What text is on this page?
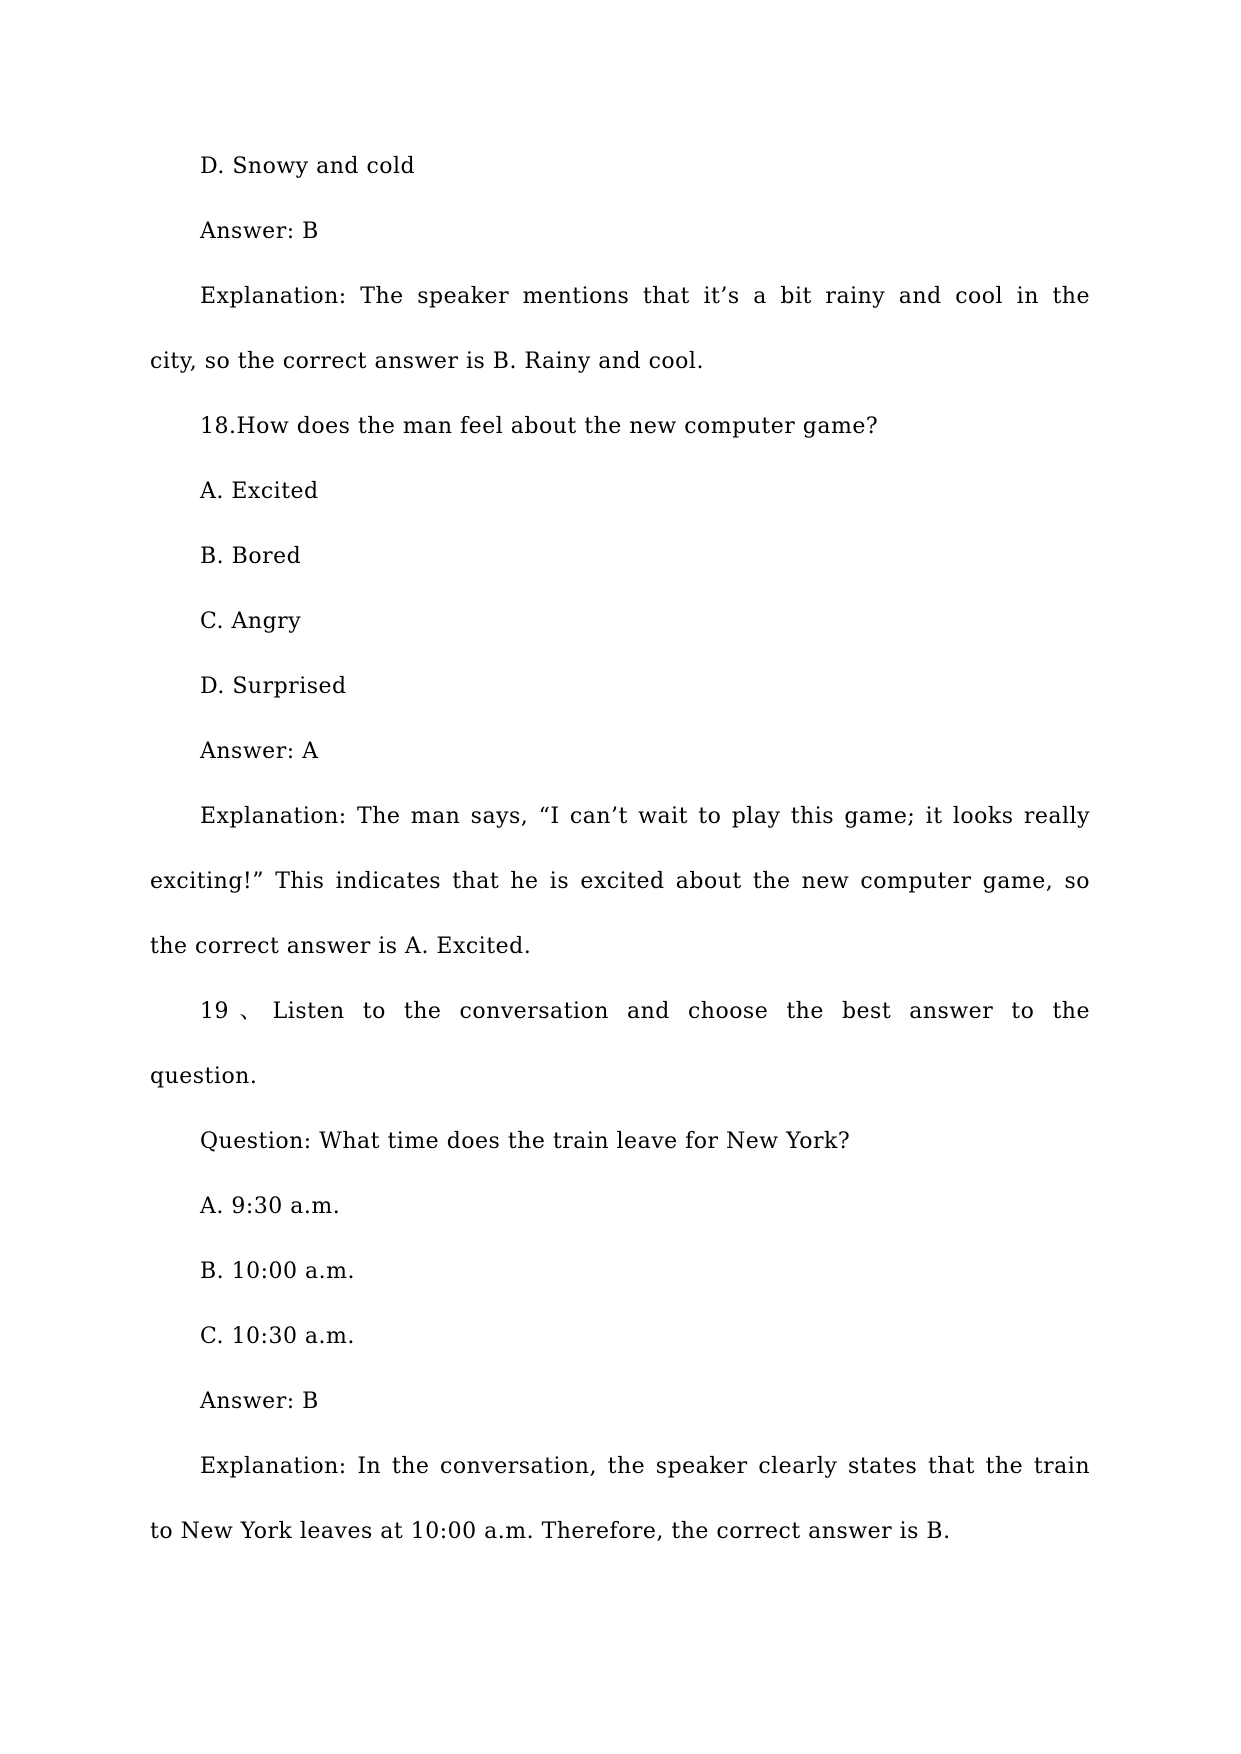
D. Snowy and cold
Answer: B
Explanation: The speaker mentions that it’s a bit rainy and cool in the
city, so the correct answer is B. Rainy and cool.
18.How does the man feel about the new computer game?
A. Excited
B. Bored
C. Angry
D. Surprised
Answer: A
Explanation: The man says, “I can’t wait to play this game; it looks really
exciting!” This indicates that he is excited about the new computer game, so
the correct answer is A. Excited.
19、Listen to the conversation and choose the best answer to the
question.
Question: What time does the train leave for New York?
A. 9:30 a.m.
B. 10:00 a.m.
C. 10:30 a.m.
Answer: B
Explanation: In the conversation, the speaker clearly states that the train
to New York leaves at 10:00 a.m. Therefore, the correct answer is B.
